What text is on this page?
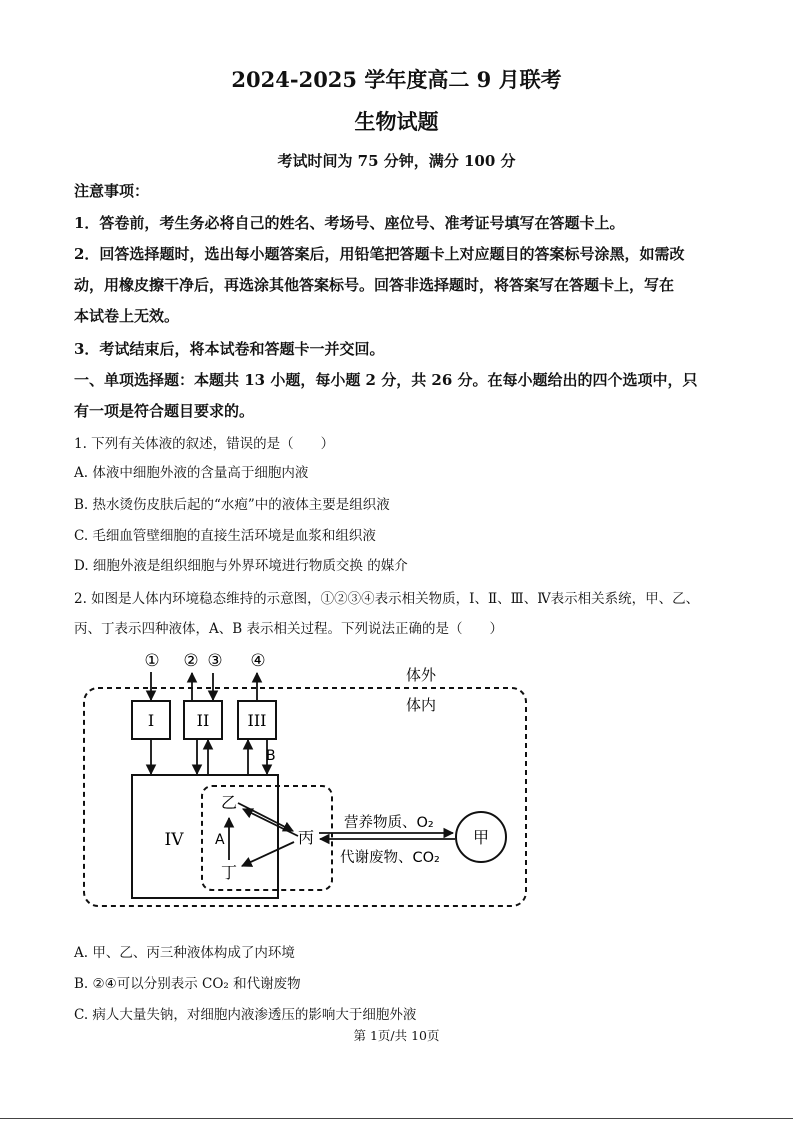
2024-2025 学年度高二 9 月联考
生物试题
考试时间为 75 分钟，满分 100 分
注意事项：
1．答卷前，考生务必将自己的姓名、考场号、座位号、准考证号填写在答题卡上。
2．回答选择题时，选出每小题答案后，用铅笔把答题卡上对应题目的答案标号涂黑，如需改
动，用橡皮擦干净后，再选涂其他答案标号。回答非选择题时，将答案写在答题卡上，写在
本试卷上无效。
3．考试结束后，将本试卷和答题卡一并交回。
一、单项选择题：本题共 13 小题，每小题 2 分，共 26 分。在每小题给出的四个选项中，只
有一项是符合题目要求的。
1. 下列有关体液的叙述，错误的是（　　）
A. 体液中细胞外液的含量高于细胞内液
B. 热水烫伤皮肤后起的“水疱”中的液体主要是组织液
C. 毛细血管壁细胞的直接生活环境是血浆和组织液
D. 细胞外液是组织细胞与外界环境进行物质交换 的媒介
2. 如图是人体内环境稳态维持的示意图，①②③④表示相关物质，Ⅰ、Ⅱ、Ⅲ、Ⅳ表示相关系统，甲、乙、
丙、丁表示四种液体，A、B 表示相关过程。下列说法正确的是（　　）
① ② ③ ④
体外
体内
I	II III
B
IV
乙
丙
丁
A
营养物质、O₂
代谢废物、CO₂
甲
A. 甲、乙、丙三种液体构成了内环境
B. ②④可以分别表示 CO₂ 和代谢废物
C. 病人大量失钠，对细胞内液渗透压的影响大于细胞外液
第 1页/共 10页
